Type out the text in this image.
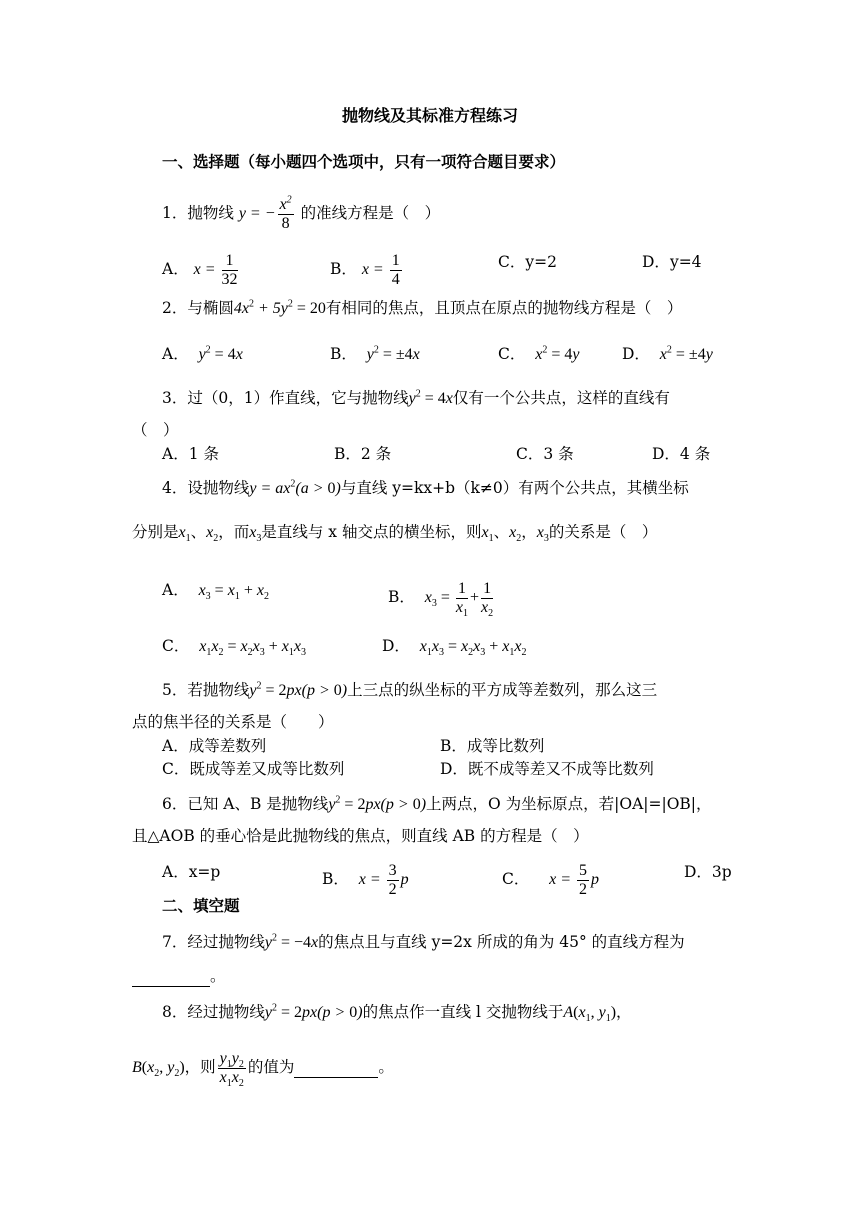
抛物线及其标准方程练习
一、选择题（每小题四个选项中，只有一项符合题目要求）
1．抛物线 y = − $\frac{x^2}{8}$ 的准线方程是（　）
A． $x = \frac{1}{32}$	B． $x = \frac{1}{4}$	C．y=2	D．y=4
2．与椭圆$4x^2 + 5y^2 = 20$有相同的焦点，且顶点在原点的抛物线方程是（　）
A． $y^2 = 4x$	B． $y^2 = \pm 4x$	C． $x^2 = 4y$	D． $x^2 = \pm 4y$
3．过（0，1）作直线，它与抛物线$y^2 = 4x$仅有一个公共点，这样的直线有
（　）
A．1 条	B．2 条	C．3 条	D．4 条
4．设抛物线$y = ax^2(a > 0)$与直线 y=kx+b（k≠0）有两个公共点，其横坐标
分别是$x_1$、$x_2$，而$x_3$是直线与 x 轴交点的横坐标，则$x_1$、$x_2$，$x_3$的关系是（　）
A． $x_3 = x_1 + x_2$	B． $x_3 = \frac{1}{x_1} + \frac{1}{x_2}$
C． $x_1x_2 = x_2x_3 + x_1x_3$	D． $x_1x_3 = x_2x_3 + x_1x_2$
5．若抛物线$y^2 = 2px(p > 0)$上三点的纵坐标的平方成等差数列，那么这三
点的焦半径的关系是（　　）
A．成等差数列	B．成等比数列
C．既成等差又成等比数列	D．既不成等差又不成等比数列
6．已知 A、B 是抛物线$y^2 = 2px(p > 0)$上两点，O 为坐标原点，若|OA|=|OB|，
且△AOB 的垂心恰是此抛物线的焦点，则直线 AB 的方程是（　）
A．x=p	B． $x = \frac{3}{2}$ p	C． $x = \frac{5}{2}$ p	D．3p
二、填空题
7．经过抛物线$y^2 = -4x$的焦点且与直线 y=2x 所成的角为 45° 的直线方程为
。
8．经过抛物线$y^2 = 2px(p > 0)$的焦点作一直线 l 交抛物线于$A(x_1$, $y_1$)，
$B(x_2$, $y_2$)，则 $\frac{y_1y_2}{x_1x_2}$ 的值为	。
